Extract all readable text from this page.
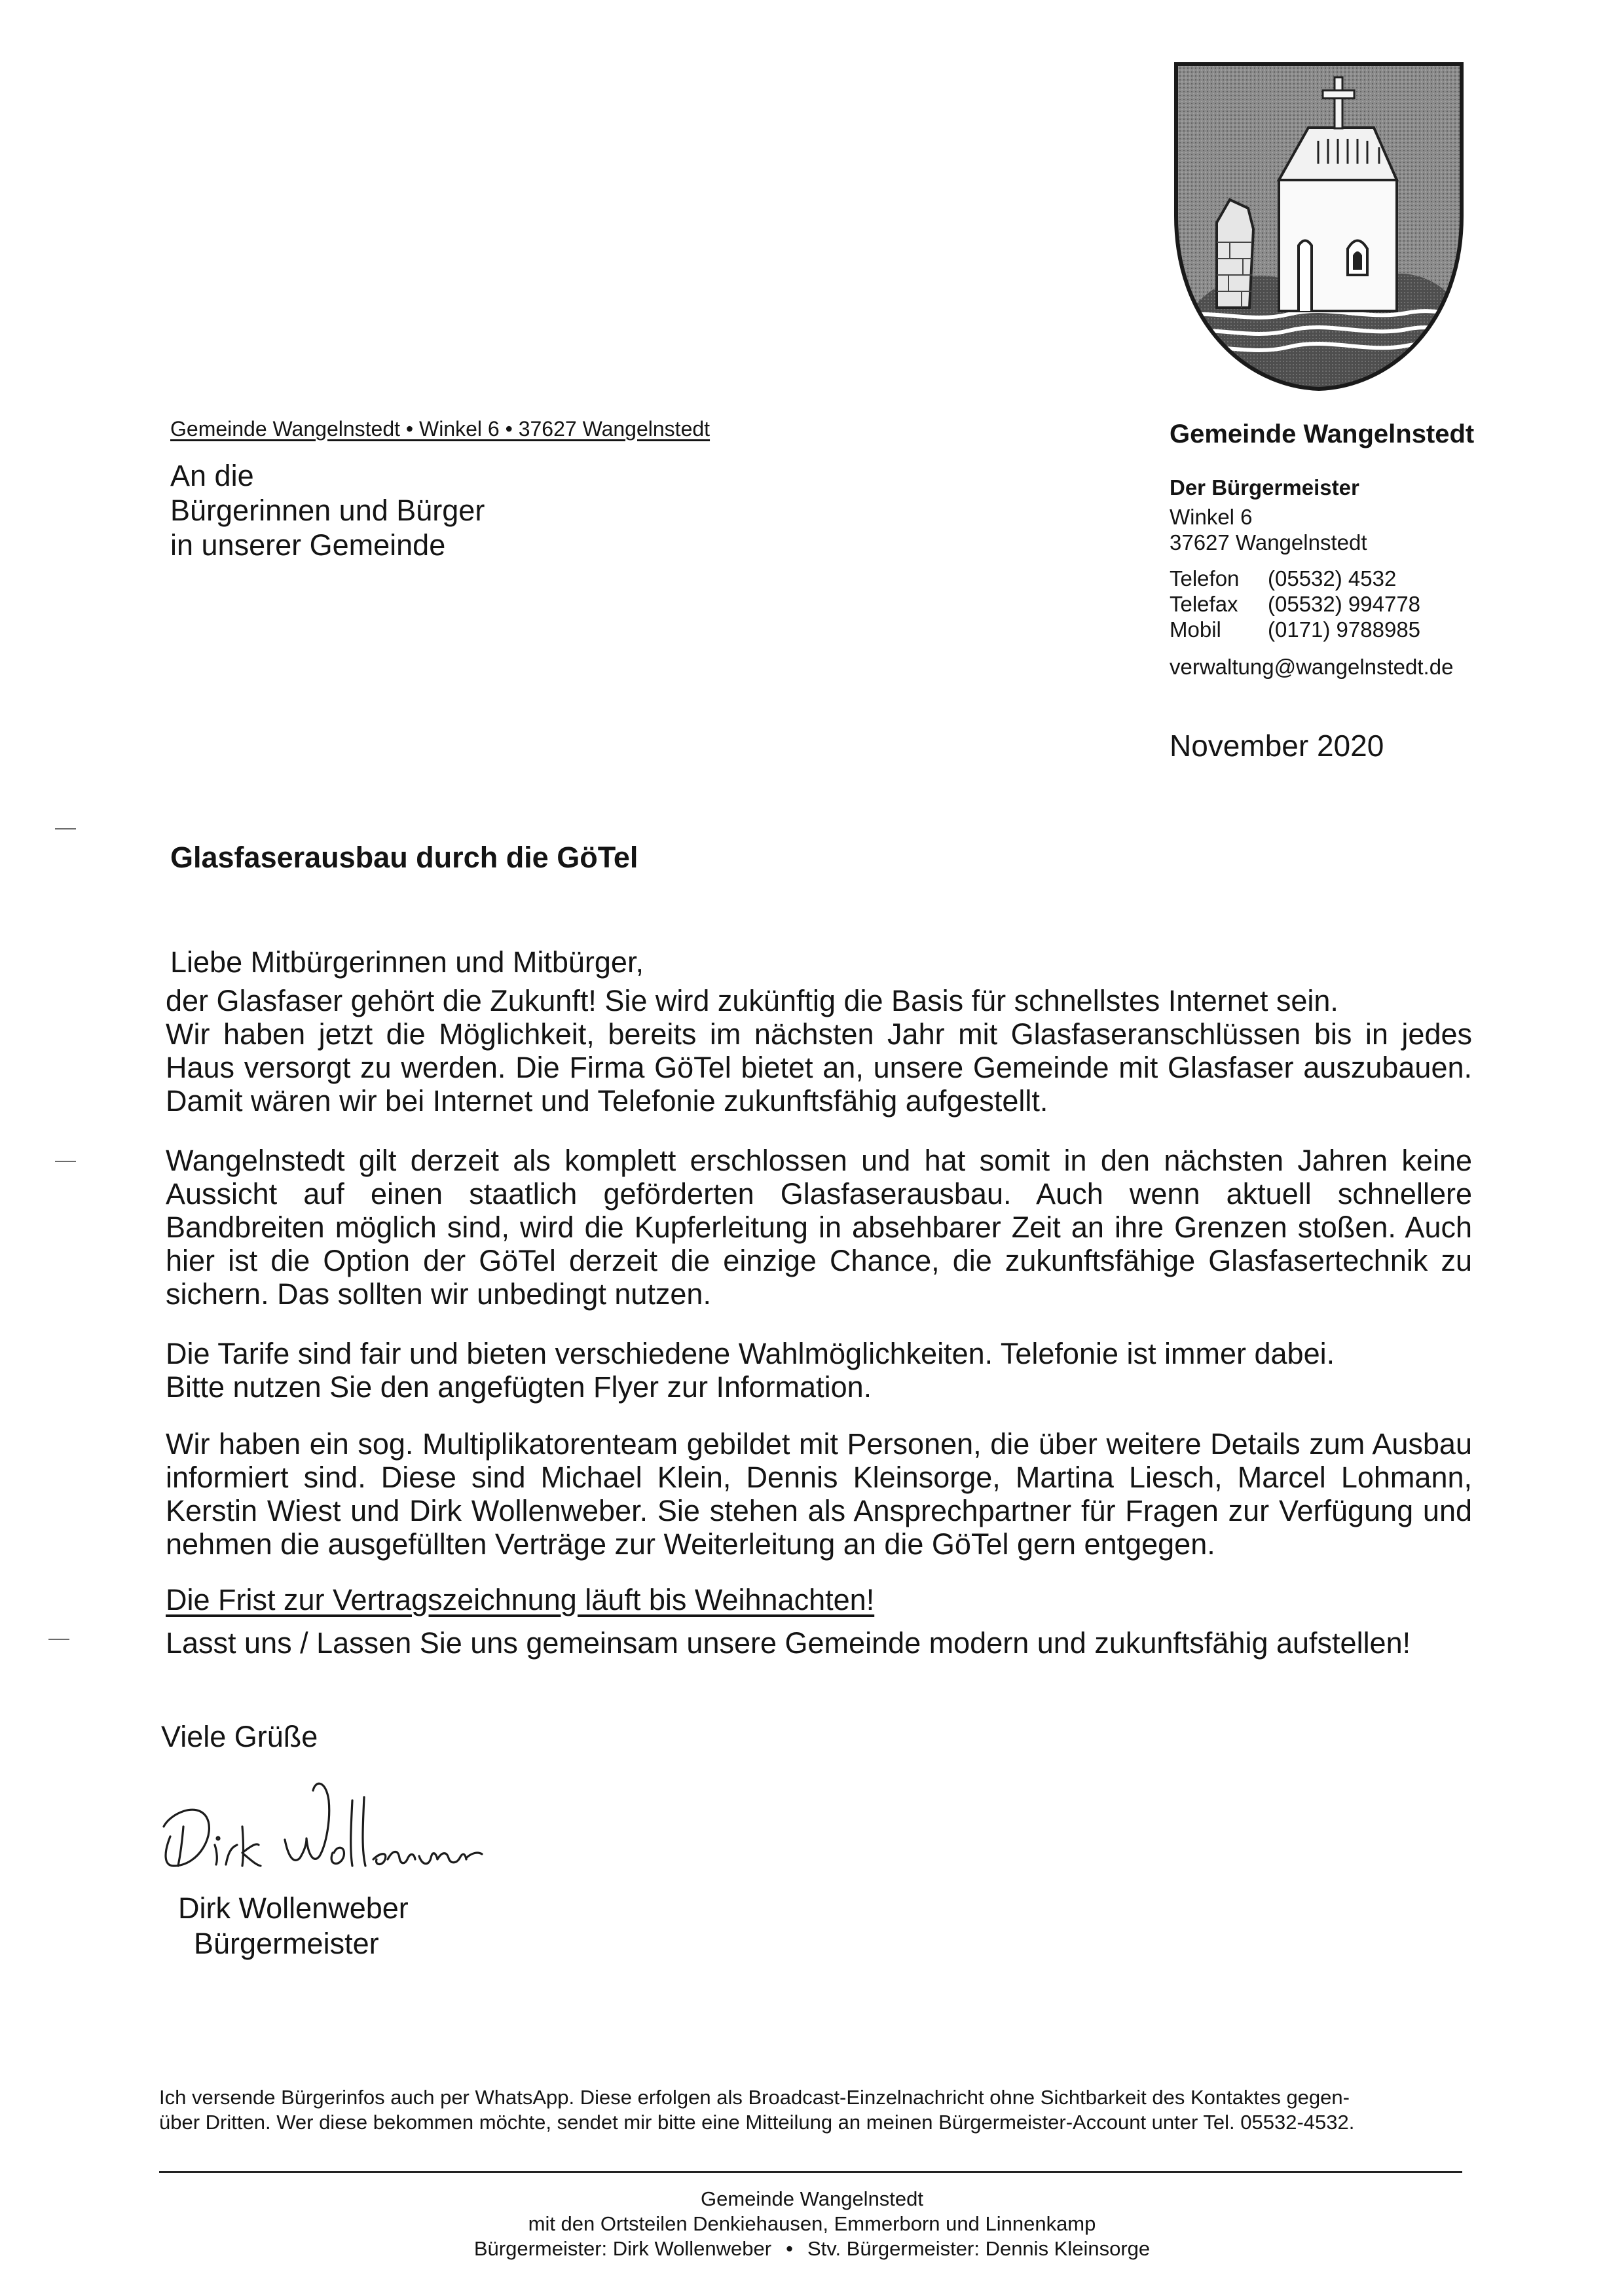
Gemeinde Wangelnstedt • Winkel 6 • 37627 Wangelnstedt
An die
Bürgerinnen und Bürger
in unserer Gemeinde
Gemeinde Wangelnstedt
Der Bürgermeister
Winkel 6
37627 Wangelnstedt
Telefon	(05532) 4532
Telefax	(05532) 994778
Mobil	(0171) 9788985
verwaltung@wangelnstedt.de
November 2020
Glasfaserausbau durch die GöTel
Liebe Mitbürgerinnen und Mitbürger,
der Glasfaser gehört die Zukunft! Sie wird zukünftig die Basis für schnellstes Internet sein.
Wir haben jetzt die Möglichkeit, bereits im nächsten Jahr mit Glasfaseranschlüssen bis in jedes
Haus versorgt zu werden. Die Firma GöTel bietet an, unsere Gemeinde mit Glasfaser auszubauen.
Damit wären wir bei Internet und Telefonie zukunftsfähig aufgestellt.
Wangelnstedt gilt derzeit als komplett erschlossen und hat somit in den nächsten Jahren keine
Aussicht auf einen staatlich geförderten Glasfaserausbau. Auch wenn aktuell schnellere
Bandbreiten möglich sind, wird die Kupferleitung in absehbarer Zeit an ihre Grenzen stoßen. Auch
hier ist die Option der GöTel derzeit die einzige Chance, die zukunftsfähige Glasfasertechnik zu
sichern. Das sollten wir unbedingt nutzen.
Die Tarife sind fair und bieten verschiedene Wahlmöglichkeiten. Telefonie ist immer dabei.
Bitte nutzen Sie den angefügten Flyer zur Information.
Wir haben ein sog. Multiplikatorenteam gebildet mit Personen, die über weitere Details zum Ausbau
informiert sind. Diese sind Michael Klein, Dennis Kleinsorge, Martina Liesch, Marcel Lohmann,
Kerstin Wiest und Dirk Wollenweber. Sie stehen als Ansprechpartner für Fragen zur Verfügung und
nehmen die ausgefüllten Verträge zur Weiterleitung an die GöTel gern entgegen.
Die Frist zur Vertragszeichnung läuft bis Weihnachten!
Lasst uns / Lassen Sie uns gemeinsam unsere Gemeinde modern und zukunftsfähig aufstellen!
Viele Grüße
Dirk Wollenweber
Bürgermeister
Ich versende Bürgerinfos auch per WhatsApp. Diese erfolgen als Broadcast-Einzelnachricht ohne Sichtbarkeit des Kontaktes gegen-
über Dritten. Wer diese bekommen möchte, sendet mir bitte eine Mitteilung an meinen Bürgermeister-Account unter Tel. 05532-4532.
Gemeinde Wangelnstedt
mit den Ortsteilen Denkiehausen, Emmerborn und Linnenkamp
Bürgermeister: Dirk Wollenweber • Stv. Bürgermeister: Dennis Kleinsorge
